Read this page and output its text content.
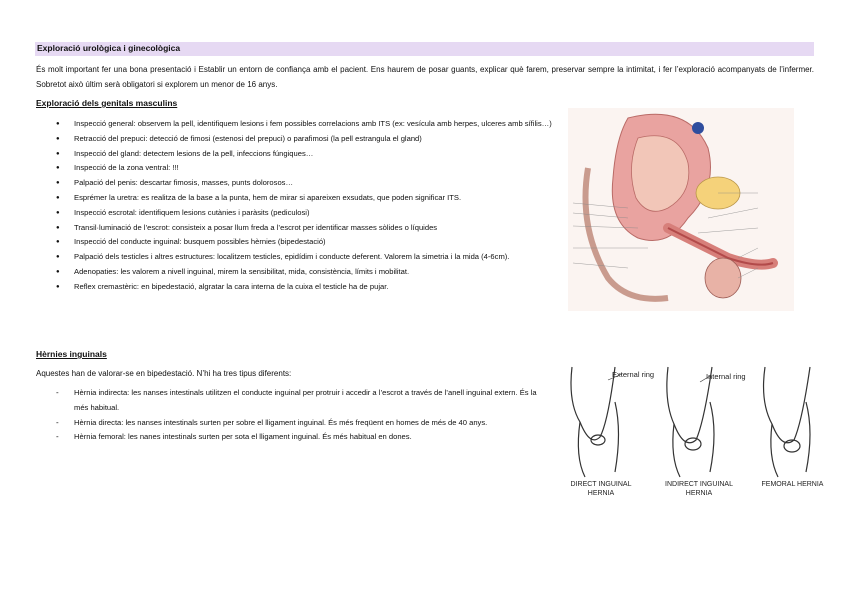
Exploració urològica i ginecològica
És molt important fer una bona presentació i Establir un entorn de confiança amb el pacient. Ens haurem de posar guants, explicar què farem, preservar sempre la intimitat, i fer l’exploració acompanyats de l’infermer. Sobretot això últim serà obligatori si explorem un menor de 16 anys.
Exploració dels genitals masculins
● Inspecció general: observem la pell, identifiquem lesions i fem possibles correlacions amb ITS (ex: vesícula amb herpes, ulceres amb sífilis…)
● Retracció del prepuci: detecció de fimosi (estenosi del prepuci) o parafimosi (la pell estrangula el gland)
● Inspecció del gland: detectem lesions de la pell, infeccions fúngiques…
● Inspecció de la zona ventral: !!!
● Palpació del penis: descartar fimosis, masses, punts dolorosos…
● Esprémer la uretra: es realitza de la base a la punta, hem de mirar si apareixen exsudats, que poden significar ITS.
● Inspecció escrotal: identifiquem lesions cutànies i paràsits (pediculosi)
● Transil·luminació de l’escrot: consisteix a posar llum freda a l’escrot per identificar masses sòlides o líquides
● Inspecció del conducte inguinal: busquem possibles hèrnies (bipedestació)
● Palpació dels testicles i altres estructures: localitzem testicles, epidídim i conducte deferent. Valorem la simetria i la mida (4-6cm).
● Adenopaties: les valorem a nivell inguinal, mirem la sensibilitat, mida, consistència, límits i mobilitat.
● Reflex cremastèric: en bipedestació, algratar la cara interna de la cuixa el testicle ha de pujar.
Hèrnies inguinals
Aquestes han de valorar-se en bipedestació. N’hi ha tres tipus diferents:
- Hèrnia indirecta: les nanses intestinals utilitzen el conducte inguinal per protruir i accedir a l’escrot a través de l’anell inguinal extern. És la més habitual.
- Hèrnia directa: les nanses intestinals surten per sobre el lligament inguinal. És més freqüent en homes de més de 40 anys.
- Hèrnia femoral: les nanes intestinals surten per sota el lligament inguinal. És més habitual en dones.
External ring	Internal ring
DIRECT INGUINAL HERNIA
INDIRECT INGUINAL HERNIA
FEMORAL HERNIA
